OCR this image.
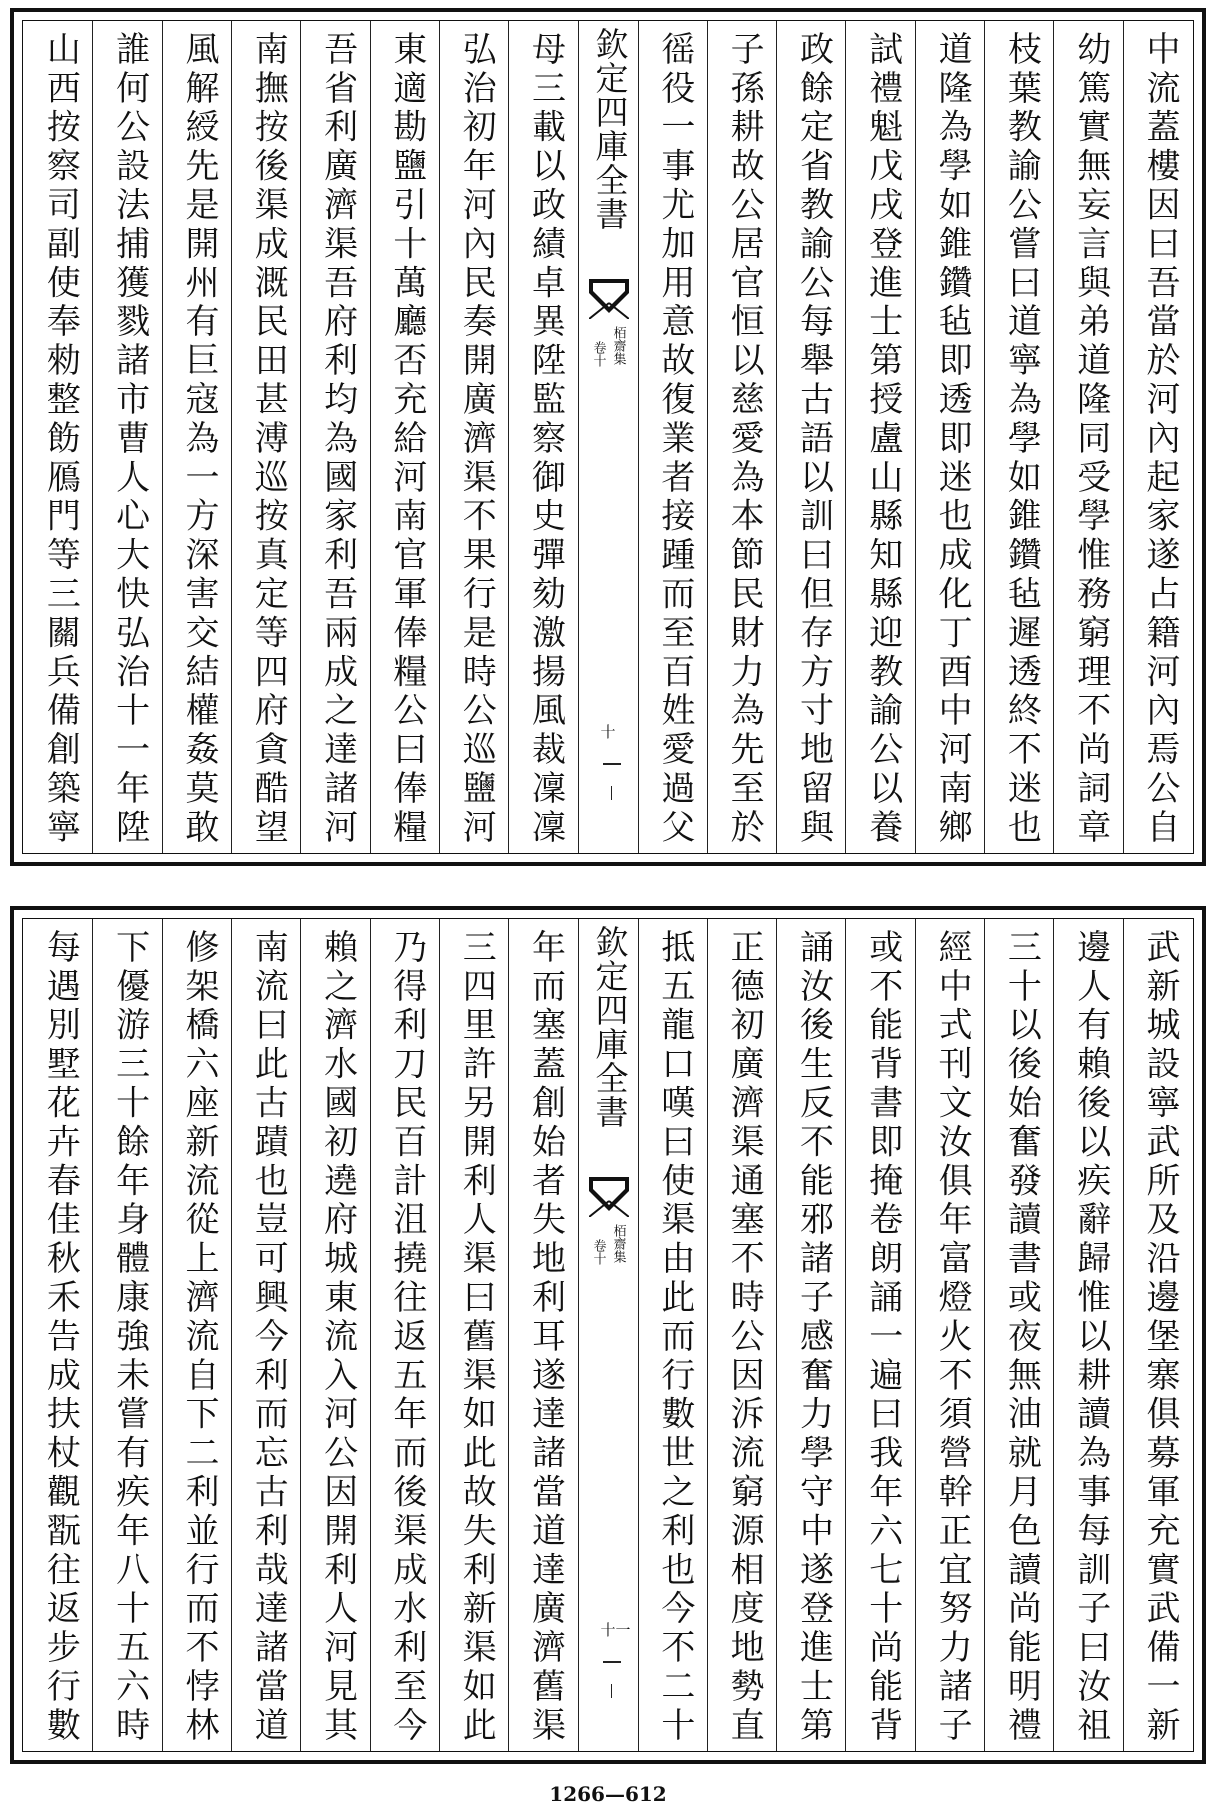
山西按察司副使奉勑整飭鴈門等三關兵備創築寧 誰何公設法捕獲戮諸市曹人心大快弘治十一年陞 風解綬先是開州有巨寇為一方深害交結權姦莫敢 南撫按後渠成溉民田甚溥巡按真定等四府貪酷望 吾省利廣濟渠吾府利均為國家利吾兩成之達諸河 東適勘鹽引十萬廳否充給河南官軍俸糧公曰俸糧 弘治初年河內民奏開廣濟渠不果行是時公巡鹽河 母三載以政績卓異陞監察御史彈劾激揚風裁凜凜 欽定四庫全書
栢齋集
卷十
十	徭役一事尤加用意故復業者接踵而至百姓愛過父 子孫耕故公居官恒以慈愛為本節民財力為先至於 政餘定省教諭公每舉古語以訓曰但存方寸地留與 試禮魁戊戌登進士第授盧山縣知縣迎教諭公以養 道隆為學如錐鑽毡即透即迷也成化丁酉中河南鄉 枝葉教諭公嘗曰道寧為學如錐鑽毡遲透終不迷也 幼篤實無妄言與弟道隆同受學惟務窮理不尚詞章 中流蓋樓因曰吾當於河內起家遂占籍河內焉公自
每遇別墅花卉春佳秋禾告成扶杖觀翫往返步行數 下優游三十餘年身體康強未嘗有疾年八十五六時 修架橋六座新流從上濟流自下二利並行而不悖林 南流曰此古蹟也豈可興今利而忘古利哉達諸當道 賴之濟水國初遶府城東流入河公因開利人河見其 乃得利刀民百計沮撓往返五年而後渠成水利至今 三四里許另開利人渠曰舊渠如此故失利新渠如此 年而塞蓋創始者失地利耳遂達諸當道達廣濟舊渠 欽定四庫全書
栢齋集
卷十
十一 抵五龍口嘆曰使渠由此而行數世之利也今不二十 正德初廣濟渠通塞不時公因泝流窮源相度地勢直 誦汝後生反不能邪諸子感奮力學守中遂登進士第 或不能背書即掩卷朗誦一遍曰我年六七十尚能背 經中式刊文汝俱年富燈火不須營幹正宜努力諸子 三十以後始奮發讀書或夜無油就月色讀尚能明禮 邊人有賴後以疾辭歸惟以耕讀為事每訓子曰汝祖 武新城設寧武所及沿邊堡寨俱募軍充實武備一新
1266—612
